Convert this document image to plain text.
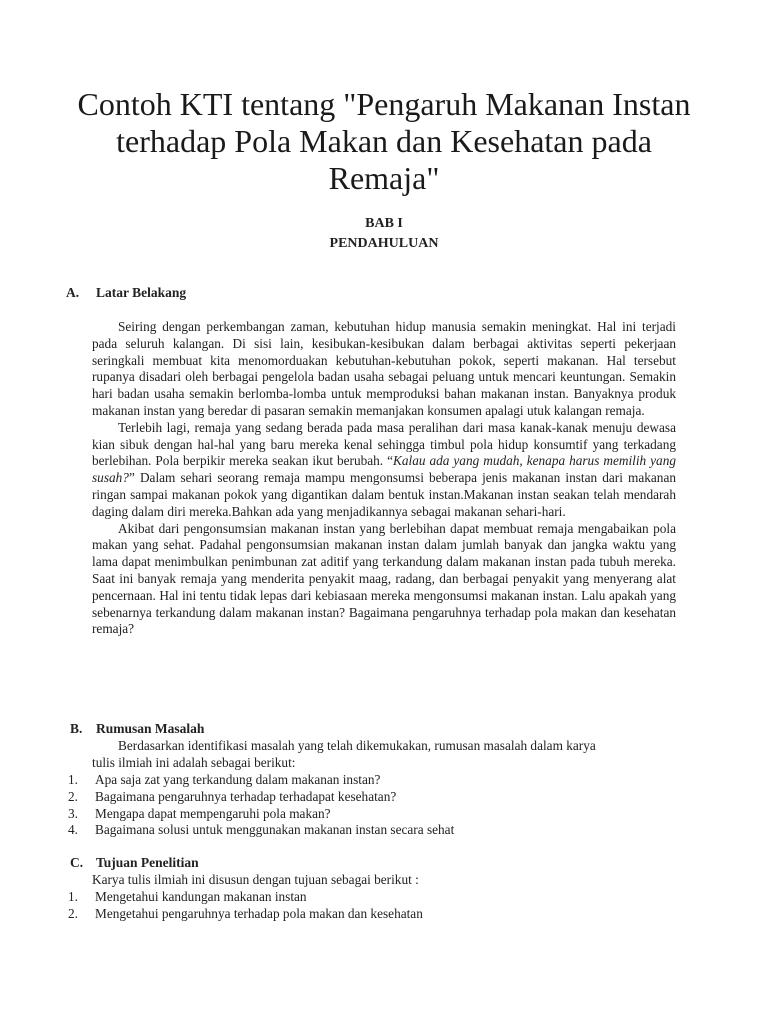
Contoh KTI tentang "Pengaruh Makanan Instan terhadap Pola Makan dan Kesehatan pada Remaja"
BAB I
PENDAHULUAN
A. Latar Belakang

Seiring dengan perkembangan zaman, kebutuhan hidup manusia semakin meningkat. Hal ini terjadi pada seluruh kalangan. Di sisi lain, kesibukan-kesibukan dalam berbagai aktivitas seperti pekerjaan seringkali membuat kita menomorduakan kebutuhan-kebutuhan pokok, seperti makanan. Hal tersebut rupanya disadari oleh berbagai pengelola badan usaha sebagai peluang untuk mencari keuntungan. Semakin hari badan usaha semakin berlomba-lomba untuk memproduksi bahan makanan instan. Banyaknya produk makanan instan yang beredar di pasaran semakin memanjakan konsumen apalagi utuk kalangan remaja.

Terlebih lagi, remaja yang sedang berada pada masa peralihan dari masa kanak-kanak menuju dewasa kian sibuk dengan hal-hal yang baru mereka kenal sehingga timbul pola hidup konsumtif yang terkadang berlebihan. Pola berpikir mereka seakan ikut berubah. “Kalau ada yang mudah, kenapa harus memilih yang susah?” Dalam sehari seorang remaja mampu mengonsumsi beberapa jenis makanan instan dari makanan ringan sampai makanan pokok yang digantikan dalam bentuk instan.Makanan instan seakan telah mendarah daging dalam diri mereka.Bahkan ada yang menjadikannya sebagai makanan sehari-hari.

Akibat dari pengonsumsian makanan instan yang berlebihan dapat membuat remaja mengabaikan pola makan yang sehat. Padahal pengonsumsian makanan instan dalam jumlah banyak dan jangka waktu yang lama dapat menimbulkan penimbunan zat aditif yang terkandung dalam makanan instan pada tubuh mereka. Saat ini banyak remaja yang menderita penyakit maag, radang, dan berbagai penyakit yang menyerang alat pencernaan. Hal ini tentu tidak lepas dari kebiasaan mereka mengonsumsi makanan instan. Lalu apakah yang sebenarnya terkandung dalam makanan instan? Bagaimana pengaruhnya terhadap pola makan dan kesehatan remaja?

B. Rumusan Masalah
Berdasarkan identifikasi masalah yang telah dikemukakan, rumusan masalah dalam karya
tulis ilmiah ini adalah sebagai berikut:
1. Apa saja zat yang terkandung dalam makanan instan?
2. Bagaimana pengaruhnya terhadap terhadapat kesehatan?
3. Mengapa dapat mempengaruhi pola makan?
4. Bagaimana solusi untuk menggunakan makanan instan secara sehat
C. Tujuan Penelitian
Karya tulis ilmiah ini disusun dengan tujuan sebagai berikut :
1. Mengetahui kandungan makanan instan
2. Mengetahui pengaruhnya terhadap pola makan dan kesehatan
